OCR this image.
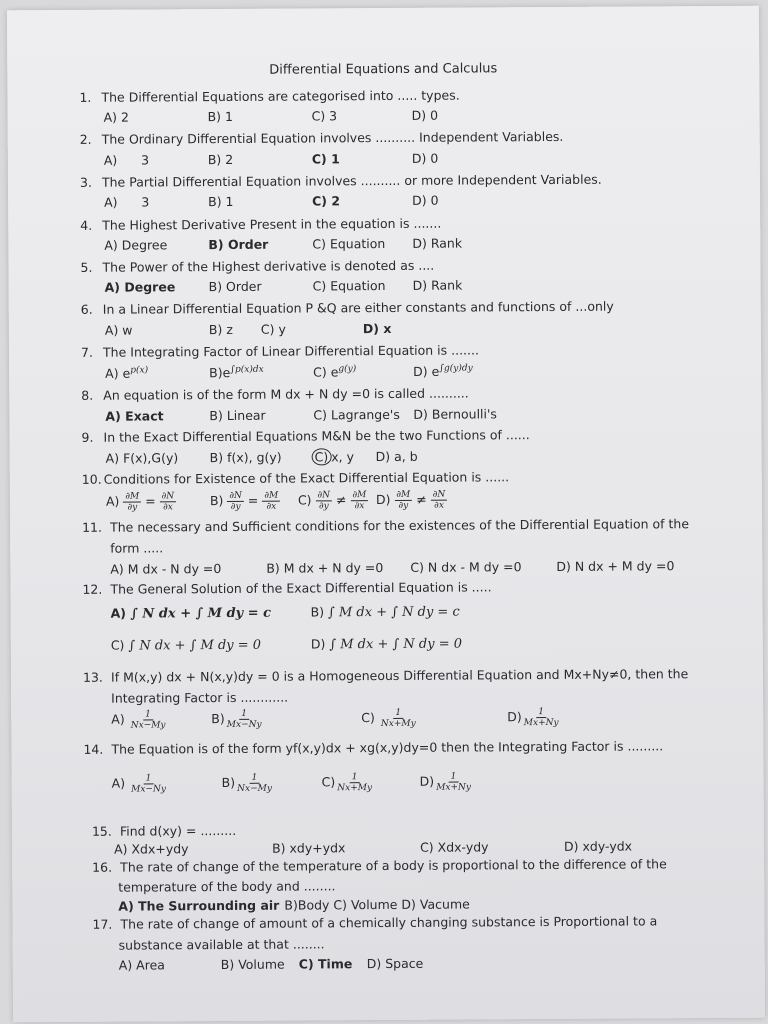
Differential Equations and Calculus
1. The Differential Equations are categorised into ..... types.
A) 2	B) 1	C) 3	D) 0
2. The Ordinary Differential Equation involves .......... Independent Variables.
A)      3	B) 2	C) 1	D) 0
3. The Partial Differential Equation involves .......... or more Independent Variables.
A)      3	B) 1	C) 2	D) 0
4. The Highest Derivative Present in the equation is .......
A) Degree	B) Order	C) Equation D) Rank
5. The Power of the Highest derivative is denoted as ....
A) Degree	B) Order	C) Equation D) Rank
6. In a Linear Differential Equation P &Q are either constants and functions of ...only
A) w	B) z C) y	D) x
7. The Integrating Factor of Linear Differential Equation is .......
A) $e^{p(x)}$	$B)e^{\int p(x)dx}$	C) $e^{g(y)}$	D) $e^{\int g(y)dy}$
8. An equation is of the form M dx + N dy =0 is called ..........
A) Exact	B) Linear	C) Lagrange's D) Bernoulli's
9. In the Exact Differential Equations M&N be the two Functions of ......
A) F(x),G(y)	B) f(x), g(y)	C) x, y D) a, b
10. Conditions for Existence of the Exact Differential Equation is ......
$A) \frac{\partial M}{\partial y} = \frac{\partial N}{\partial x}$	$B) \frac{\partial N}{\partial y} = \frac{\partial M}{\partial x} C) \frac{\partial N}{\partial y} \ne \frac{\partial M}{\partial x} D) \frac{\partial M}{\partial y} \ne \frac{\partial N}{\partial x}$
11. The necessary and Sufficient conditions for the existences of the Differential Equation of the
form .....
A) M dx - N dy =0	B) M dx + N dy =0 C) N dx - M dy =0	D) N dx + M dy =0
12. The General Solution of the Exact Differential Equation is .....
A) ∫ N dx + ∫ M dy = c	B) ∫ M dx + ∫ N dy = c
C) ∫ N dx + ∫ M dy = 0	D) ∫ M dx + ∫ N dy = 0
13. If M(x,y) dx + N(x,y)dy = 0 is a Homogeneous Differential Equation and Mx+Ny≠0, then the
Integrating Factor is ............
$A) \frac{1}{Nx-My}$	$B) \frac{1}{Mx-Ny}$	$C) \frac{1}{Nx+My}$	$D) \frac{1}{Mx+Ny}$
14. The Equation is of the form yf(x,y)dx + xg(x,y)dy=0 then the Integrating Factor is .........
$A) \frac{1}{Mx-Ny}$	$B) \frac{1}{Nx-My}$	$C) \frac{1}{Nx+My}$	$D) \frac{1}{Mx+Ny}$
15. Find d(xy) = .........
A) Xdx+ydy	B) xdy+ydx	C) Xdx-ydy	D) xdy-ydx
16. The rate of change of the temperature of a body is proportional to the difference of the
temperature of the body and ........
A) The Surrounding air B)Body C) Volume D) Vacume
17. The rate of change of amount of a chemically changing substance is Proportional to a
substance available at that ........
A) Area	B) Volume C) Time D) Space
